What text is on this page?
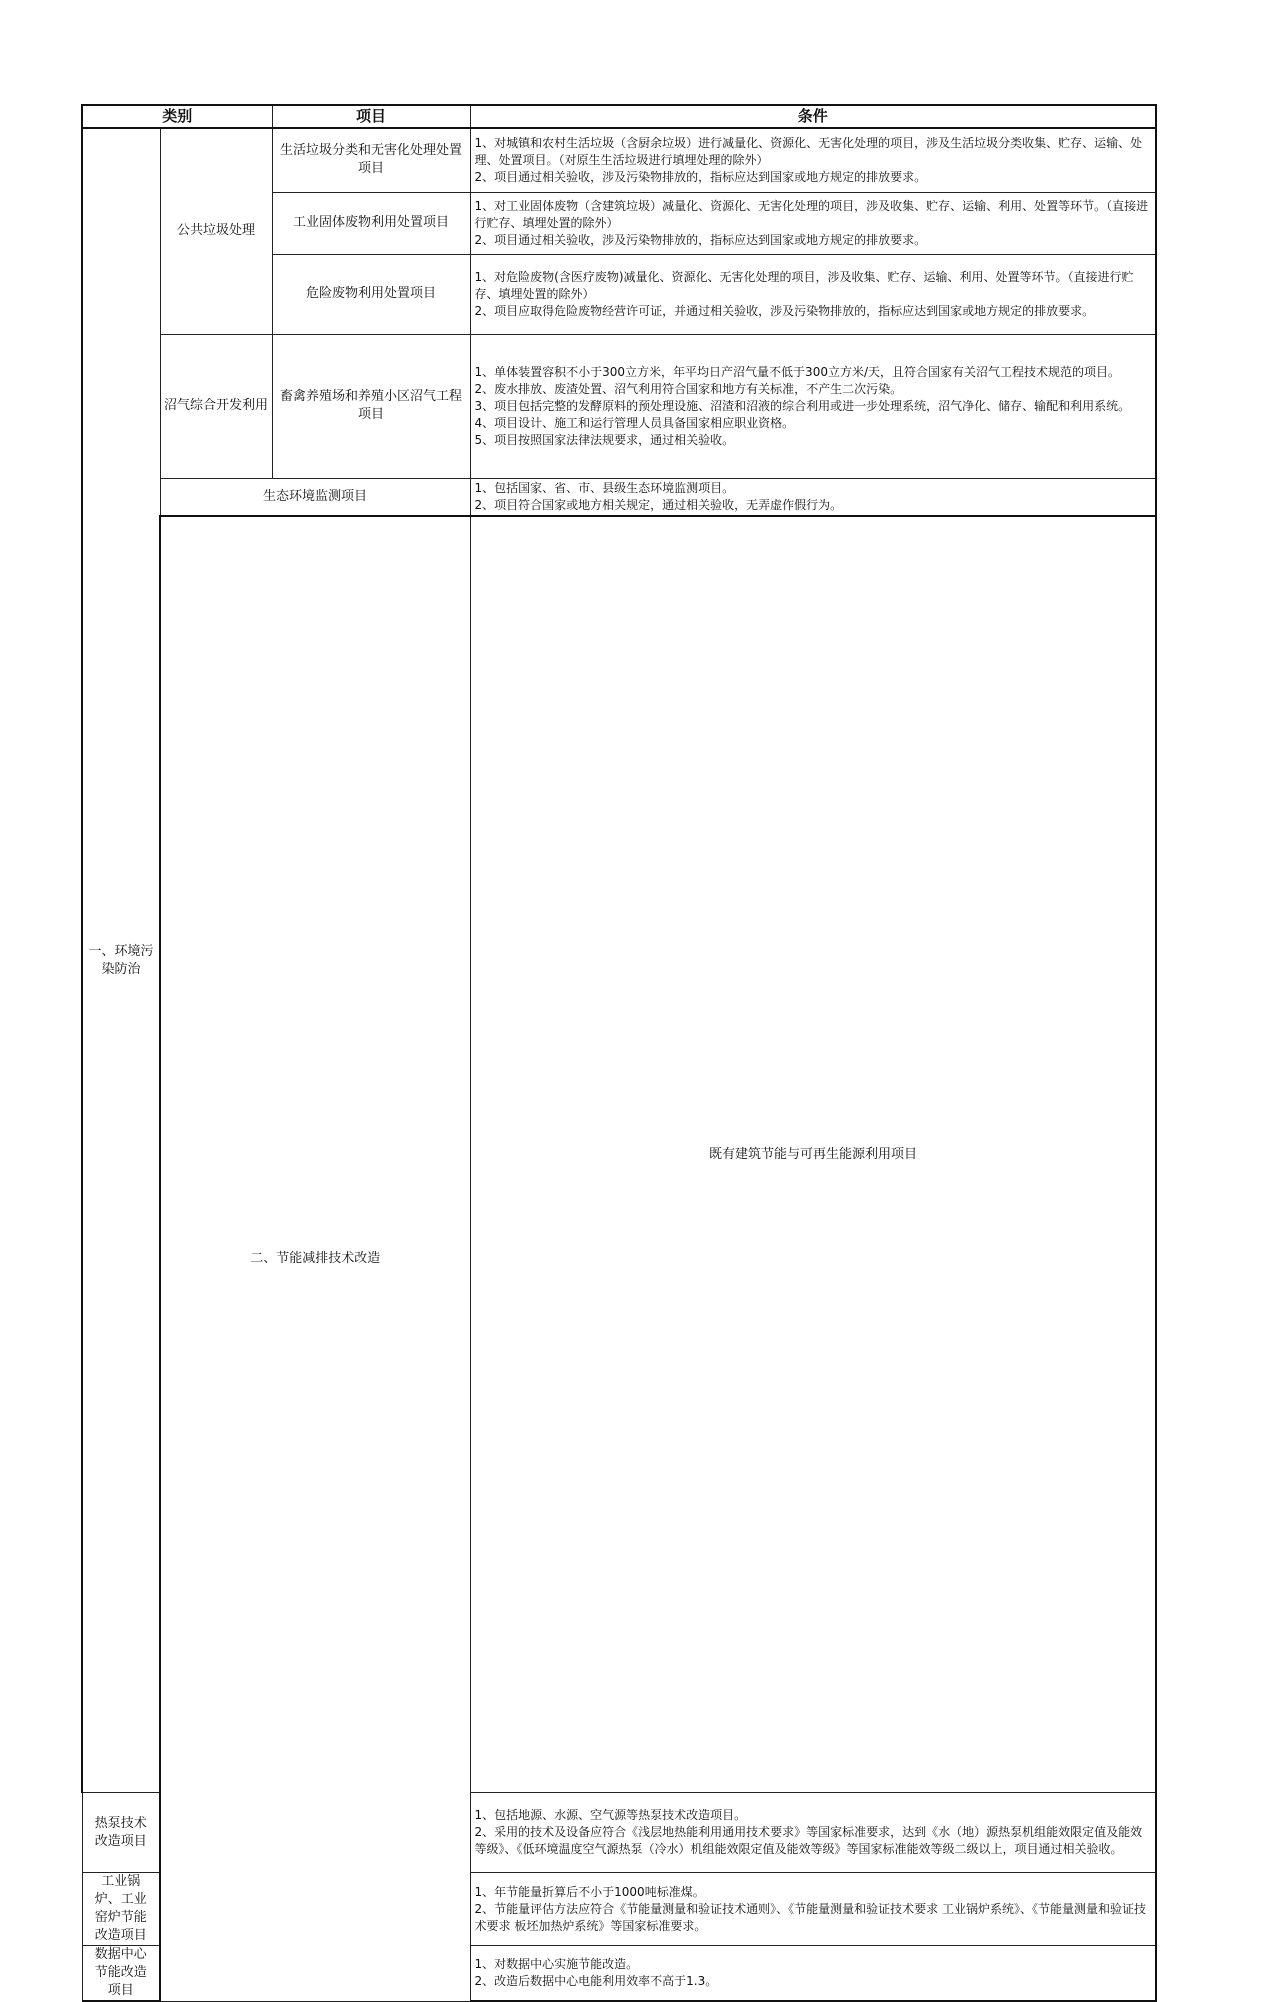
类别		项目	条件	
一、环境污染防治	公共垃圾处理	生活垃圾分类和无害化处理处置项目	1、对城镇和农村生活垃圾（含厨余垃圾）进行减量化、资源化、无害化处理的项目，涉及生活垃圾分类收集、贮存、运输、处理、处置项目。（对原生生活垃圾进行填埋处理的除外）
2、项目通过相关验收，涉及污染物排放的，指标应达到国家或地方规定的排放要求。	

		工业固体废物利用处置项目	1、对工业固体废物（含建筑垃圾）减量化、资源化、无害化处理的项目，涉及收集、贮存、运输、利用、处置等环节。（直接进行贮存、填埋处置的除外）
2、项目通过相关验收，涉及污染物排放的，指标应达到国家或地方规定的排放要求。	

		危险废物利用处置项目	1、对危险废物(含医疗废物)减量化、资源化、无害化处理的项目，涉及收集、贮存、运输、利用、处置等环节。（直接进行贮存、填埋处置的除外）
2、项目应取得危险废物经营许可证，并通过相关验收，涉及污染物排放的，指标应达到国家或地方规定的排放要求。	

	沼气综合开发利用	畜禽养殖场和养殖小区沼气工程项目	1、单体装置容积不小于300立方米，年平均日产沼气量不低于300立方米/天，且符合国家有关沼气工程技术规范的项目。
2、废水排放、废渣处置、沼气利用符合国家和地方有关标准，不产生二次污染。
3、项目包括完整的发酵原料的预处理设施、沼渣和沼液的综合利用或进一步处理系统，沼气净化、储存、输配和利用系统。
4、项目设计、施工和运行管理人员具备国家相应职业资格。
5、项目按照国家法律法规要求，通过相关验收。	

	生态环境监测项目		1、包括国家、省、市、县级生态环境监测项目。
2、项目符合国家或地方相关规定，通过相关验收，无弄虚作假行为。	

	二、节能减排技术改造		既有建筑节能与可再生能源利用项目	

热泵技术改造项目			1、包括地源、水源、空气源等热泵技术改造项目。
2、采用的技术及设备应符合《浅层地热能利用通用技术要求》等国家标准要求，达到《水（地）源热泵机组能效限定值及能效等级》、《低环境温度空气源热泵（冷水）机组能效限定值及能效等级》等国家标准能效等级二级以上，项目通过相关验收。	

工业锅炉、工业窑炉节能改造项目			1、年节能量折算后不小于1000吨标准煤。
2、节能量评估方法应符合《节能量测量和验证技术通则》、《节能量测量和验证技术要求 工业锅炉系统》、《节能量测量和验证技术要求 板坯加热炉系统》等国家标准要求。	

数据中心节能改造项目			1、对数据中心实施节能改造。
2、改造后数据中心电能利用效率不高于1.3。	
